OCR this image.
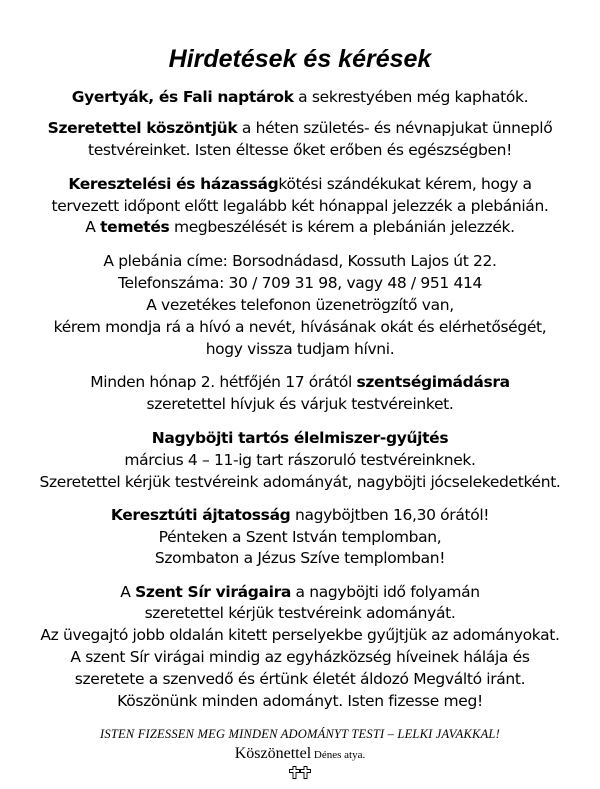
Hirdetések és kérések
Gyertyák, és Fali naptárok a sekrestyében még kaphatók.
Szeretettel köszöntjük a héten születés- és névnapjukat ünneplő
testvéreinket. Isten éltesse őket erőben és egészségben!
Keresztelési és házasságkötési szándékukat kérem, hogy a
tervezett időpont előtt legalább két hónappal jelezzék a plebánián.
A temetés megbeszélését is kérem a plebánián jelezzék.
A plebánia címe: Borsodnádasd, Kossuth Lajos út 22.
Telefonszáma: 30 / 709 31 98, vagy 48 / 951 414
A vezetékes telefonon üzenetrögzítő van,
kérem mondja rá a hívó a nevét, hívásának okát és elérhetőségét,
hogy vissza tudjam hívni.
Minden hónap 2. hétfőjén 17 órától szentségimádásra
szeretettel hívjuk és várjuk testvéreinket.
Nagyböjti tartós élelmiszer-gyűjtés
március 4 – 11-ig tart rászoruló testvéreinknek.
Szeretettel kérjük testvéreink adományát, nagyböjti jócselekedetként.
Keresztúti ájtatosság nagyböjtben 16,30 órától!
Pénteken a Szent István templomban,
Szombaton a Jézus Szíve templomban!
A Szent Sír virágaira a nagyböjti idő folyamán
szeretettel kérjük testvéreink adományát.
Az üvegajtó jobb oldalán kitett perselyekbe gyűjtjük az adományokat.
A szent Sír virágai mindig az egyházközség híveinek hálája és
szeretete a szenvedő és értünk életét áldozó Megváltó iránt.
Köszönünk minden adományt. Isten fizesse meg!
ISTEN FIZESSEN MEG MINDEN ADOMÁNYT TESTI – LELKI JAVAKKAL!
Köszönettel Dénes atya.
